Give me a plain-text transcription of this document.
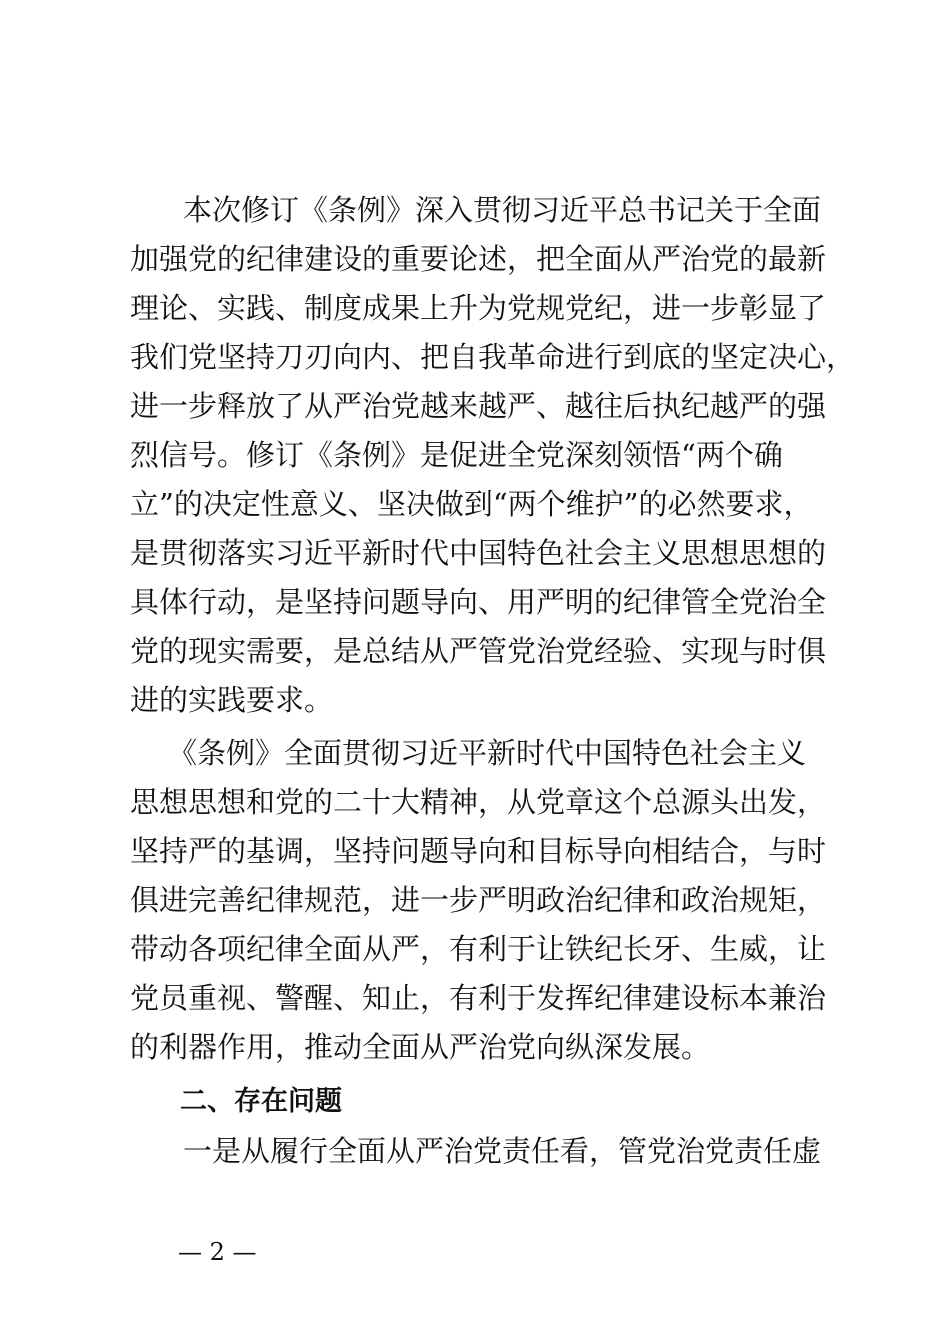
本次修订《条例》深入贯彻习近平总书记关于全面
加强党的纪律建设的重要论述，把全面从严治党的最新
理论、实践、制度成果上升为党规党纪，进一步彰显了
我们党坚持刀刃向内、把自我革命进行到底的坚定决心，
进一步释放了从严治党越来越严、越往后执纪越严的强
烈信号。修订《条例》是促进全党深刻领悟“两个确
立”的决定性意义、坚决做到“两个维护”的必然要求，
是贯彻落实习近平新时代中国特色社会主义思想思想的
具体行动，是坚持问题导向、用严明的纪律管全党治全
党的现实需要，是总结从严管党治党经验、实现与时俱
进的实践要求。
《条例》全面贯彻习近平新时代中国特色社会主义
思想思想和党的二十大精神，从党章这个总源头出发，
坚持严的基调，坚持问题导向和目标导向相结合，与时
俱进完善纪律规范，进一步严明政治纪律和政治规矩，
带动各项纪律全面从严，有利于让铁纪长牙、生威，让
党员重视、警醒、知止，有利于发挥纪律建设标本兼治
的利器作用，推动全面从严治党向纵深发展。
二、存在问题
一是从履行全面从严治党责任看，管党治党责任虚
— 2 —
